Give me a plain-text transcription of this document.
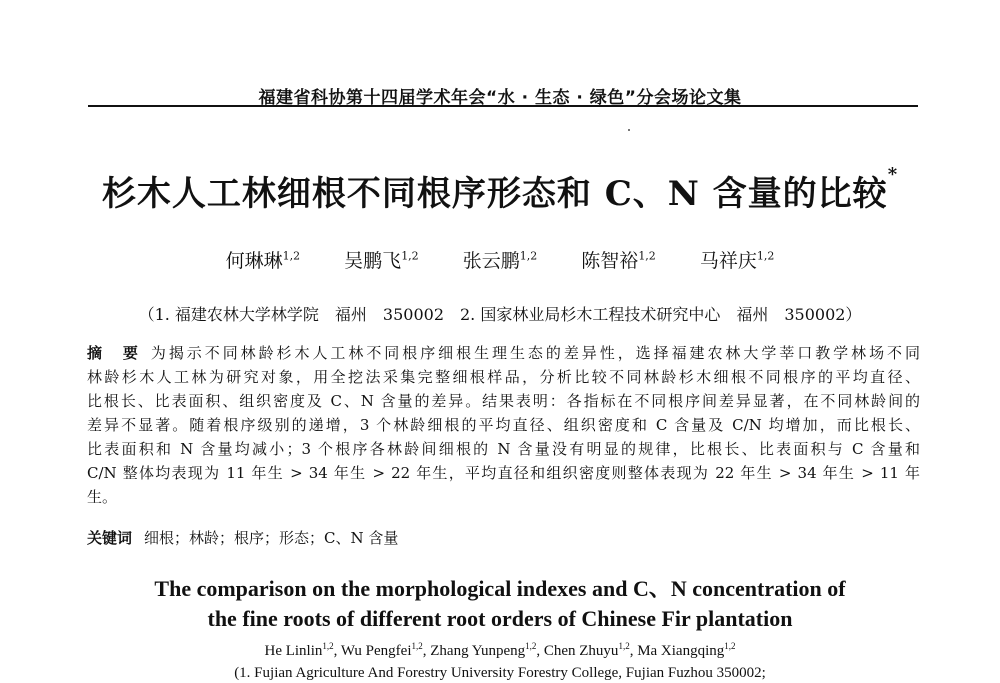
福建省科协第十四届学术年会“水 · 生态 · 绿色”分会场论文集
杉木人工林细根不同根序形态和 C、N 含量的比较*
何琳琳$^{1,2}$ 吴鹏飞$^{1,2}$ 张云鹏$^{1,2}$ 陈智裕$^{1,2}$ 马祥庆$^{1,2}$
（1. 福建农林大学林学院　福州　350002　2. 国家林业局杉木工程技术研究中心　福州　350002）
摘　要 为揭示不同林龄杉木人工林不同根序细根生理生态的差异性，选择福建农林大学莘口教学林场不同
林龄杉木人工林为研究对象，用全挖法采集完整细根样品，分析比较不同林龄杉木细根不同根序的平均直径、
比根长、比表面积、组织密度及 C、N 含量的差异。结果表明：各指标在不同根序间差异显著，在不同林龄间的
差异不显著。随着根序级别的递增，3 个林龄细根的平均直径、组织密度和 C 含量及 C/N 均增加，而比根长、
比表面积和 N 含量均减小；3 个根序各林龄间细根的 N 含量没有明显的规律，比根长、比表面积与 C 含量和
C/N 整体均表现为 11 年生 > 34 年生 > 22 年生，平均直径和组织密度则整体表现为 22 年生 > 34 年生 > 11 年
生。
关键词 细根；林龄；根序；形态；C、N 含量
The comparison on the morphological indexes and C、N concentration of
the fine roots of different root orders of Chinese Fir plantation
He Linlin$^{1,2}$, Wu Pengfei$^{1,2}$, Zhang Yunpeng$^{1,2}$, Chen Zhuyu$^{1,2}$, Ma Xiangqing$^{1,2}$
(1. Fujian Agriculture And Forestry University Forestry College, Fujian Fuzhou 350002;
